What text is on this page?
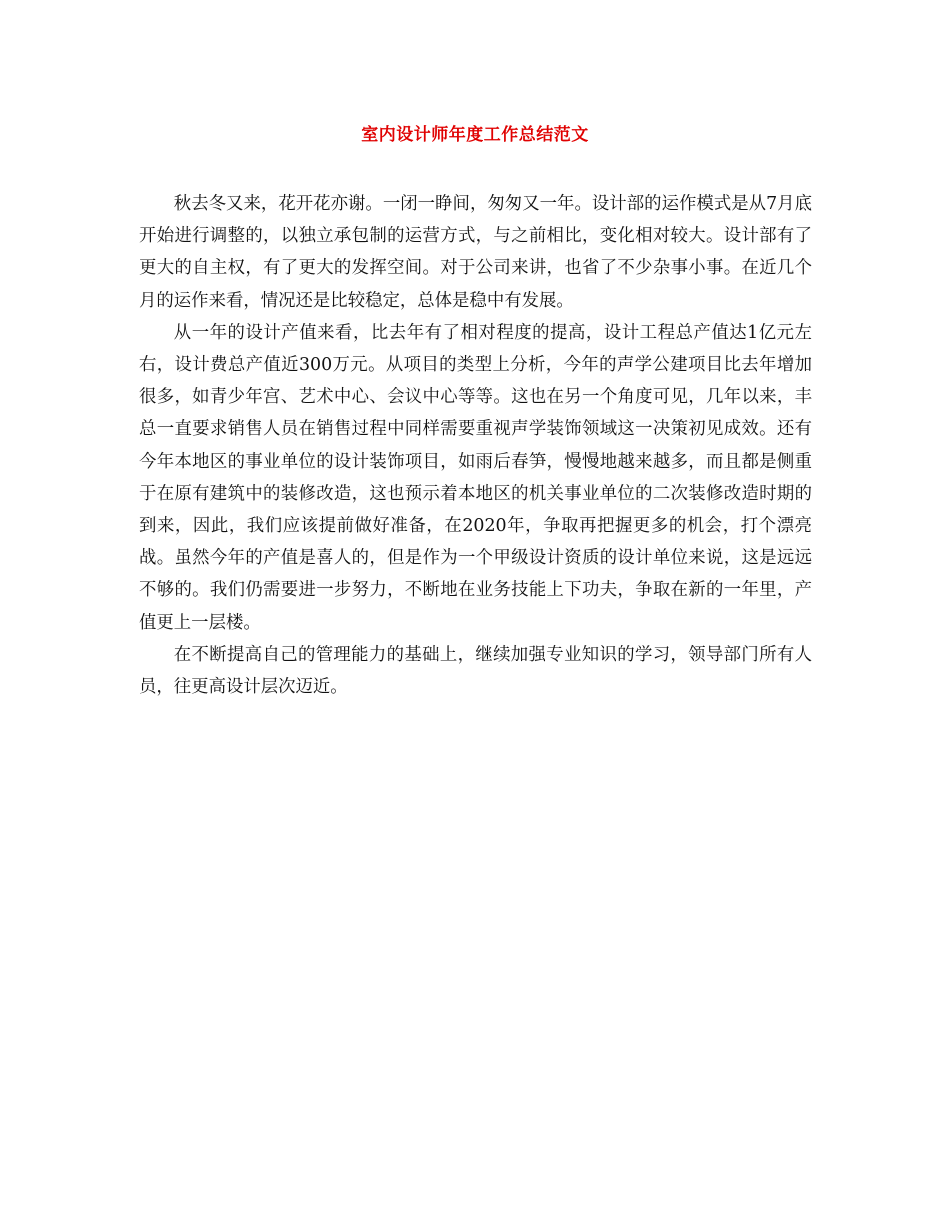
室内设计师年度工作总结范文

秋去冬又来，花开花亦谢。一闭一睁间，匆匆又一年。设计部的运作模式是从7月底开始进行调整的，以独立承包制的运营方式，与之前相比，变化相对较大。设计部有了更大的自主权，有了更大的发挥空间。对于公司来讲，也省了不少杂事小事。在近几个月的运作来看，情况还是比较稳定，总体是稳中有发展。

从一年的设计产值来看，比去年有了相对程度的提高，设计工程总产值达1亿元左右，设计费总产值近300万元。从项目的类型上分析，今年的声学公建项目比去年增加很多，如青少年宫、艺术中心、会议中心等等。这也在另一个角度可见，几年以来，丰总一直要求销售人员在销售过程中同样需要重视声学装饰领域这一决策初见成效。还有今年本地区的事业单位的设计装饰项目，如雨后春笋，慢慢地越来越多，而且都是侧重于在原有建筑中的装修改造，这也预示着本地区的机关事业单位的二次装修改造时期的到来，因此，我们应该提前做好准备，在2020年，争取再把握更多的机会，打个漂亮战。虽然今年的产值是喜人的，但是作为一个甲级设计资质的设计单位来说，这是远远不够的。我们仍需要进一步努力，不断地在业务技能上下功夫，争取在新的一年里，产值更上一层楼。

在不断提高自己的管理能力的基础上，继续加强专业知识的学习，领导部门所有人员，往更高设计层次迈近。
